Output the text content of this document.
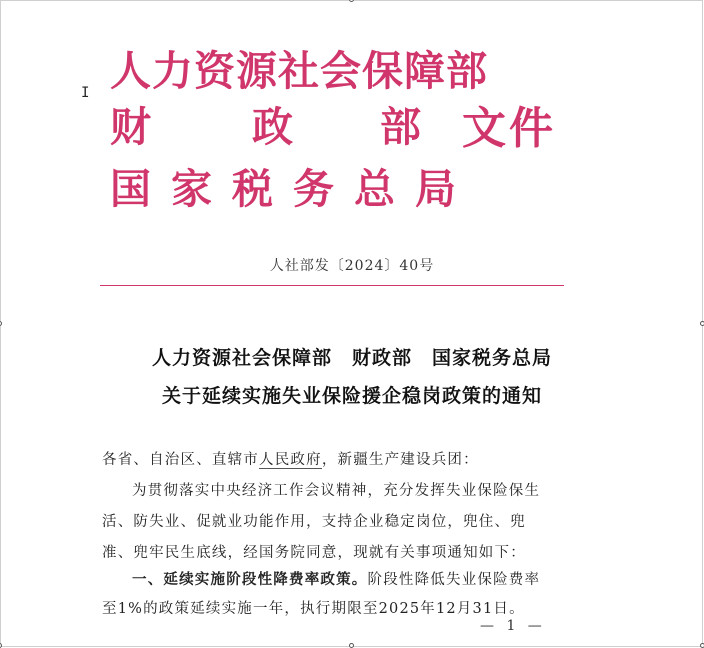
I 人力资源社会保障部
财 政 部 文件
国家税务总局
人社部发〔2024〕40号
人力资源社会保障部　财政部　国家税务总局
关于延续实施失业保险援企稳岗政策的通知
各省、自治区、直辖市人民政府，新疆生产建设兵团：
为贯彻落实中央经济工作会议精神，充分发挥失业保险保生
活、防失业、促就业功能作用，支持企业稳定岗位，兜住、兜
准、兜牢民生底线，经国务院同意，现就有关事项通知如下：
一、延续实施阶段性降费率政策。阶段性降低失业保险费率
至1%的政策延续实施一年，执行期限至2025年12月31日。
— 1 —
